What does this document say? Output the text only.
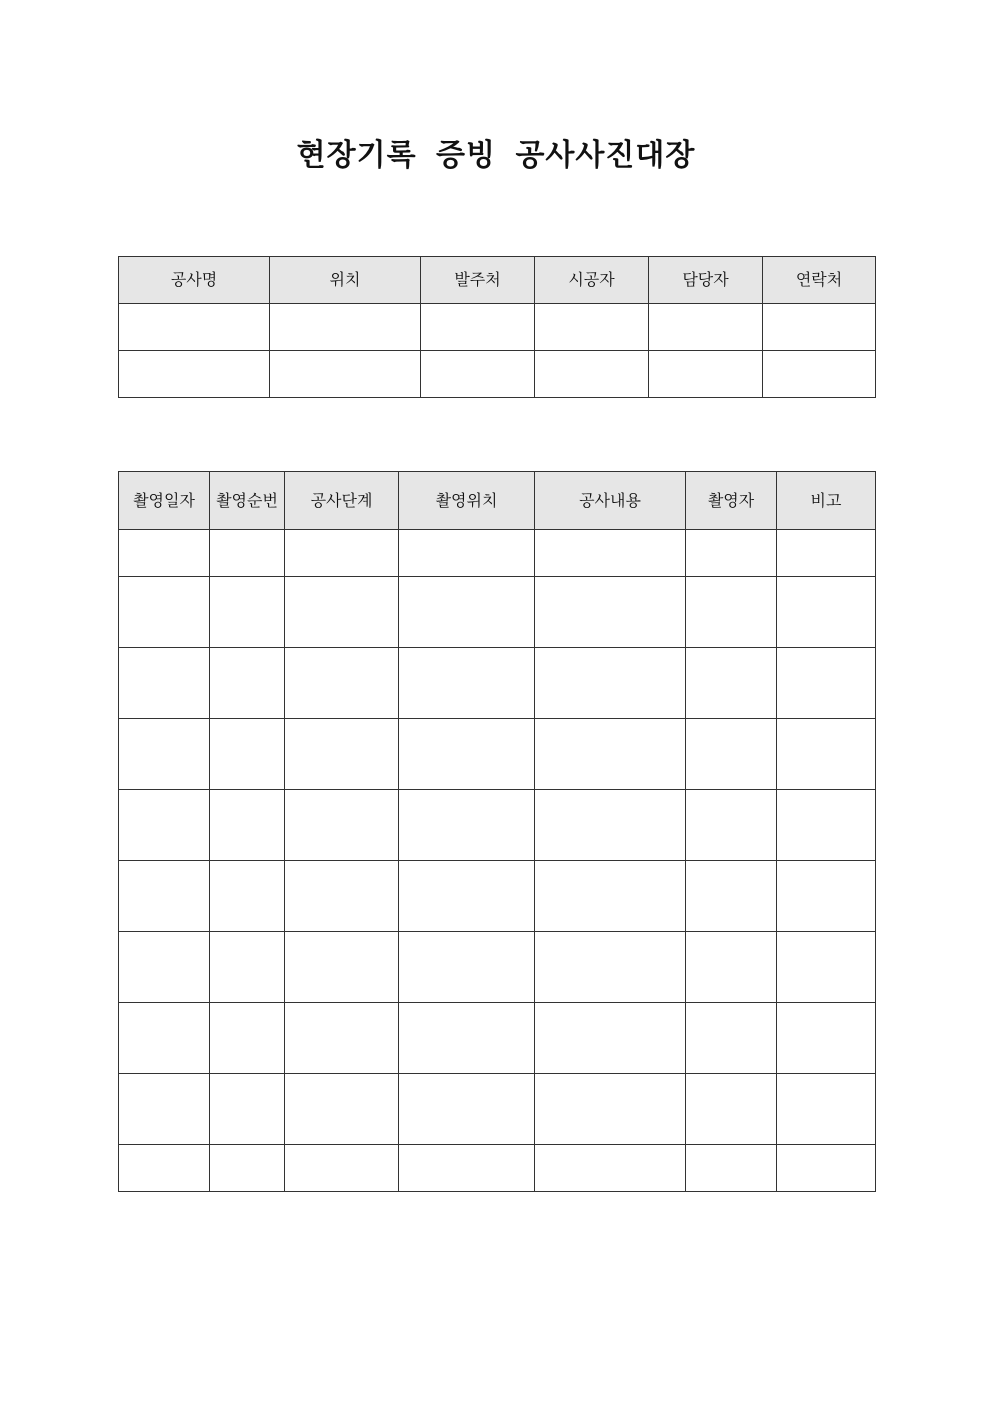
현장기록 증빙 공사사진대장
공사명	위치	발주처	시공자	담당자	연락처

촬영일자	촬영순번	공사단계	촬영위치	공사내용	촬영자	비고
